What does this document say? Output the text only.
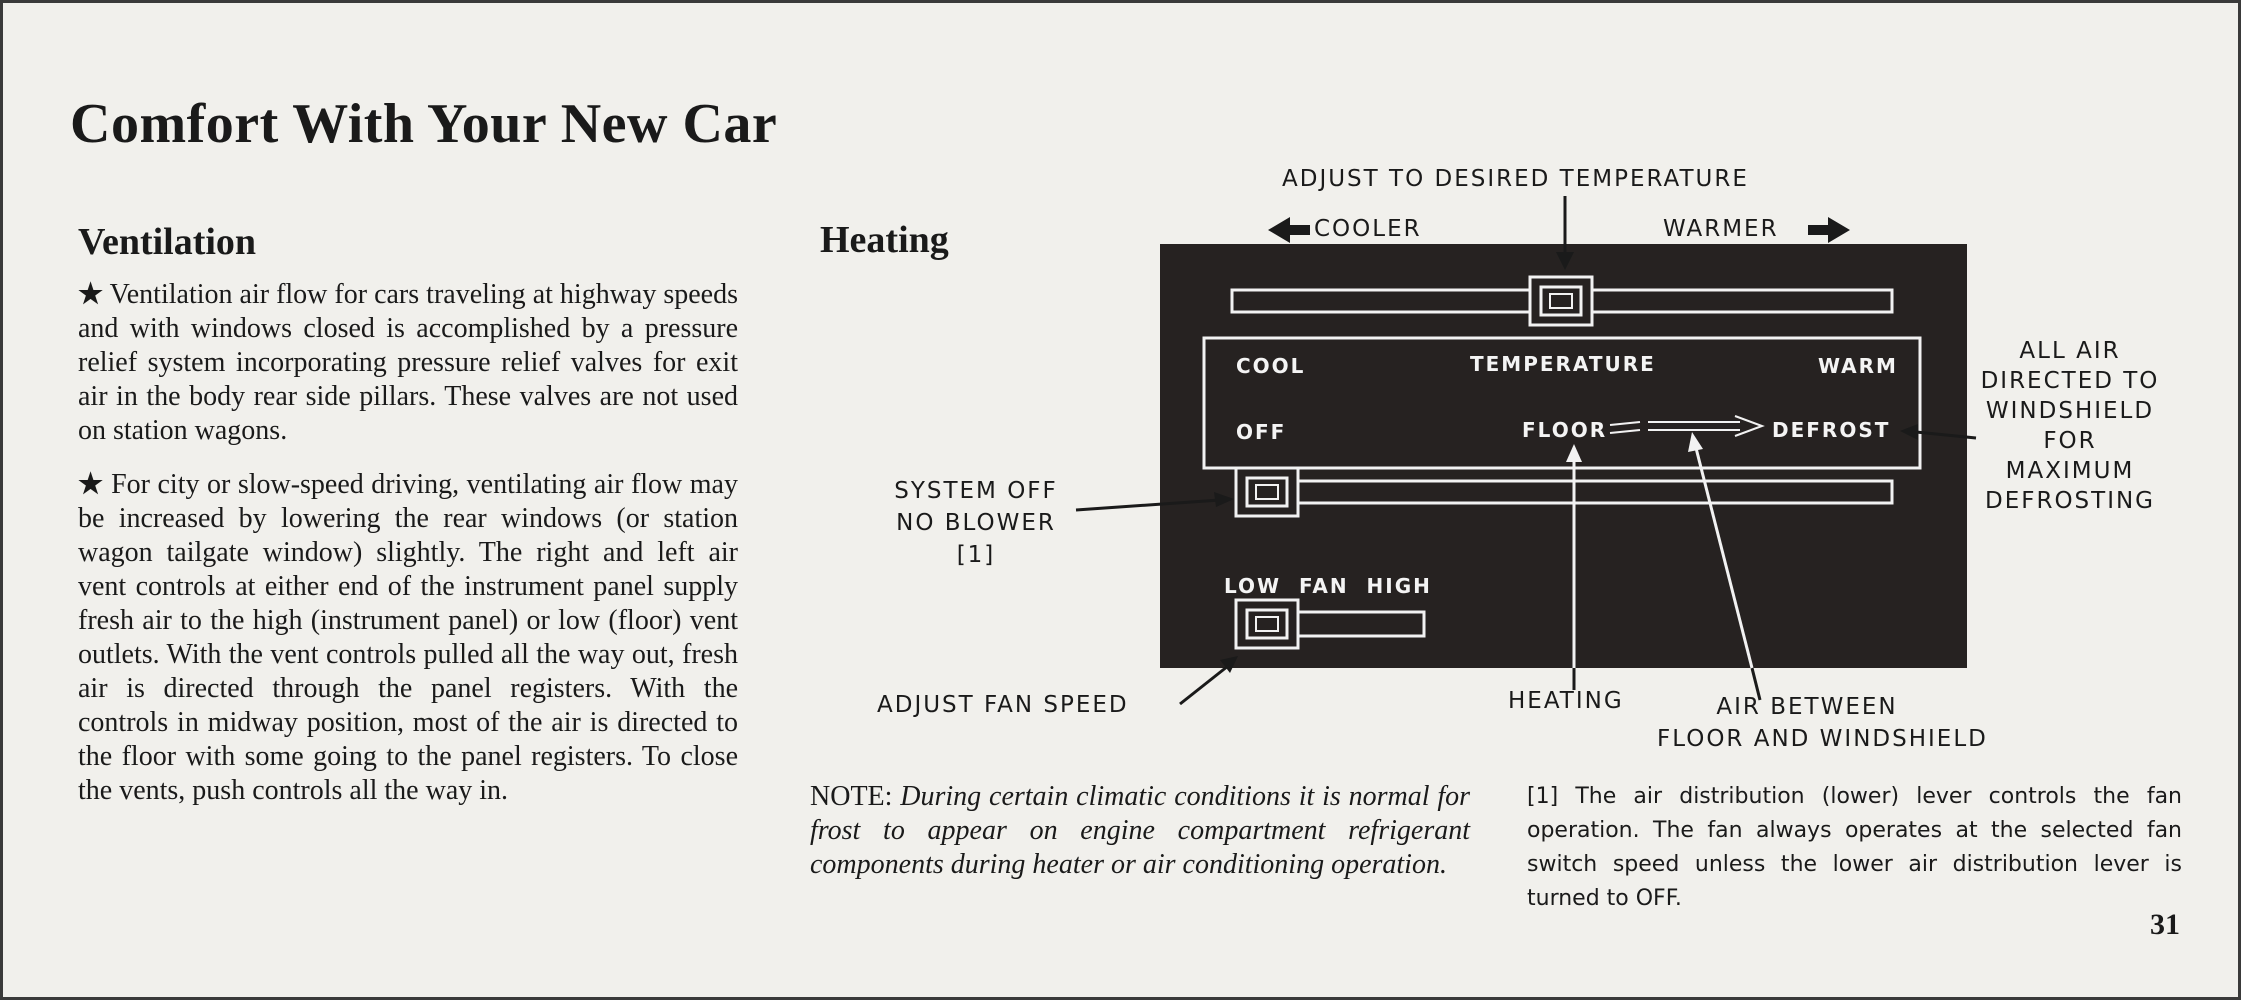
Comfort With Your New Car
Ventilation

★ Ventilation air flow for cars traveling at highway speeds and with windows closed is accomplished by a pressure relief system incorporating pressure relief valves for exit air in the body rear side pillars. These valves are not used on station wagons.

★ For city or slow-speed driving, ventilating air flow may be increased by lowering the rear windows (or station wagon tailgate window) slightly. The right and left air vent controls at either end of the instrument panel supply fresh air to the high (instrument panel) or low (floor) vent outlets. With the vent controls pulled all the way out, fresh air is directed through the panel registers. With the controls in midway position, most of the air is directed to the floor with some going to the panel registers. To close the vents, push controls all the way in.

Heating
ADJUST TO DESIRED TEMPERATURE
COOLER	WARMER
SYSTEM OFF
NO BLOWER
[1]
ADJUST FAN SPEED	HEATING	AIR BETWEEN
FLOOR AND WINDSHIELD
ALL AIR
DIRECTED TO
WINDSHIELD
FOR
MAXIMUM
DEFROSTING
COOL	TEMPERATURE	WARM
OFF	FLOOR	DEFROST
LOW  FAN  HIGH
NOTE: During certain climatic conditions it is normal for frost to appear on engine compartment refrigerant components during heater or air conditioning operation.
[1] The air distribution (lower) lever controls the fan operation. The fan always operates at the selected fan switch speed unless the lower air distribution lever is turned to OFF.
31
